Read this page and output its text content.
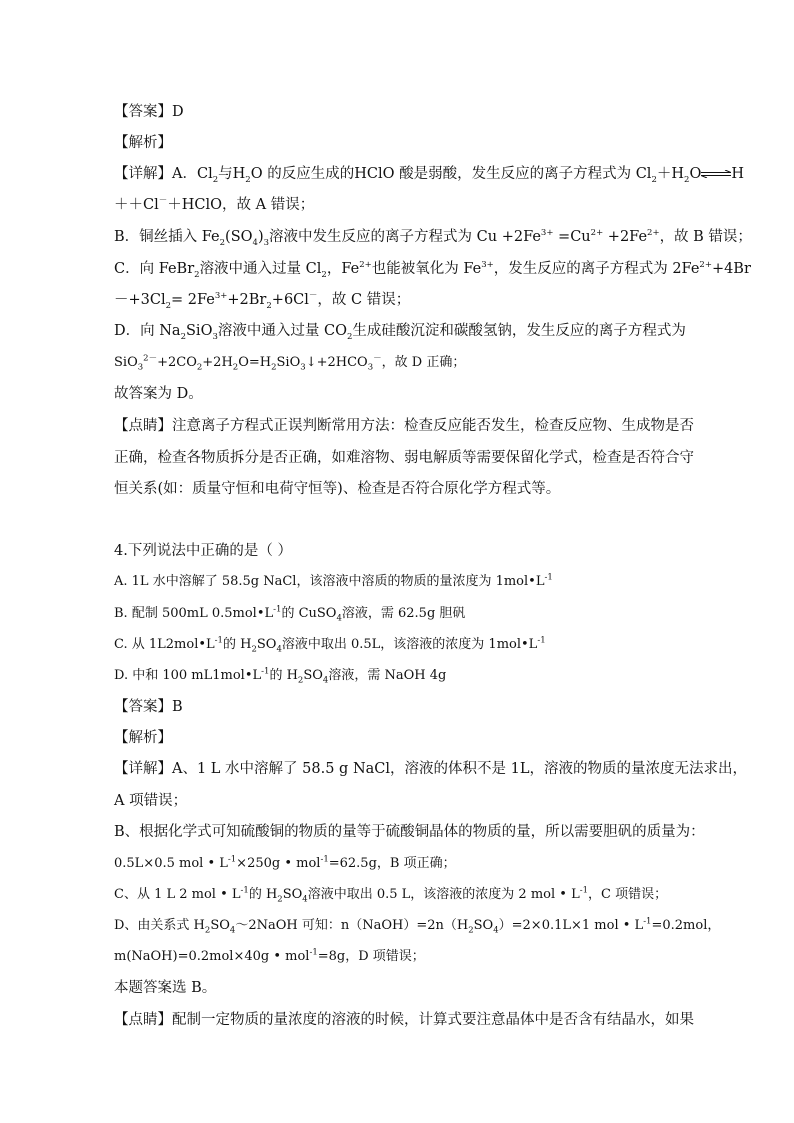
【答案】D
【解析】
【详解】A．$Cl_2$与$H_2O$ 的反应生成的HClO 酸是弱酸，发生反应的离子方程式为 $Cl_2+H_2O\rightleftharpoons H$
＋＋Cl－＋HClO，故 A 错误；
B．铜丝插入 $Fe_2(SO_4)_3$溶液中发生反应的离子方程式为 $Cu +2Fe^{3+} =Cu^{2+} +2Fe^{2+}$，故 B 错误；
C．向 FeBr$_2$溶液中通入过量 $Cl_2$，$Fe^{2+}$也能被氧化为 $Fe^{3+}$，发生反应的离子方程式为 $2Fe^{2+}+4Br$
$-+3Cl_2= 2Fe^{3+}+2Br_2+6Cl^-$，故 C 错误；
D．向 $Na_2SiO_3$溶液中通入过量 $CO_2$生成硅酸沉淀和碳酸氢钠，发生反应的离子方程式为
$SiO_3^{2-}+2CO_2+2H_2O=H_2SiO_3↓+2HCO_3^-$，故 D 正确；
故答案为 D。
【点睛】注意离子方程式正误判断常用方法：检查反应能否发生，检查反应物、生成物是否
正确，检查各物质拆分是否正确，如难溶物、弱电解质等需要保留化学式，检查是否符合守
恒关系(如：质量守恒和电荷守恒等)、检查是否符合原化学方程式等。
4.下列说法中正确的是（ ）
A. 1L 水中溶解了 58.5g NaCl，该溶液中溶质的物质的量浓度为 $1mol•L^{-1}$
B. 配制 500mL $0.5mol•L^{-1}$的 CuSO$_4$溶液，需 62.5g 胆矾
C. 从 $1L2mol•L^{-1}$的 $H_2SO_4$溶液中取出 0.5L，该溶液的浓度为 $1mol•L^{-1}$
D. 中和 100 $mL1mol•L^{-1}$的 $H_2SO_4$溶液，需 NaOH 4g
【答案】B
【解析】
【详解】A、1 L 水中溶解了 58.5 g NaCl，溶液的体积不是 1L，溶液的物质的量浓度无法求出，
A 项错误；
B、根据化学式可知硫酸铜的物质的量等于硫酸铜晶体的物质的量，所以需要胆矾的质量为：
0.5L×0.5 mol • $L^{-1}\times 250g$ • mol$^{-1}$=62.5g，B 项正确；
C、从 1 L 2 mol • $L^{-1}$的 $H_2SO_4$溶液中取出 0.5 L，该溶液的浓度为 2 mol • $L^{-1}$，C 项错误；
D、由关系式 $H_2SO_4\sim 2NaOH$ 可知：$n(NaOH)=2n(H_2SO_4)=2\times 0.1L\times 1$ mol • $L^{-1}=0.2mol$，
m(NaOH)=0.2mol×40g • mol$^{-1}$=8g，D 项错误；
本题答案选 B。
【点睛】配制一定物质的量浓度的溶液的时候，计算式要注意晶体中是否含有结晶水，如果
